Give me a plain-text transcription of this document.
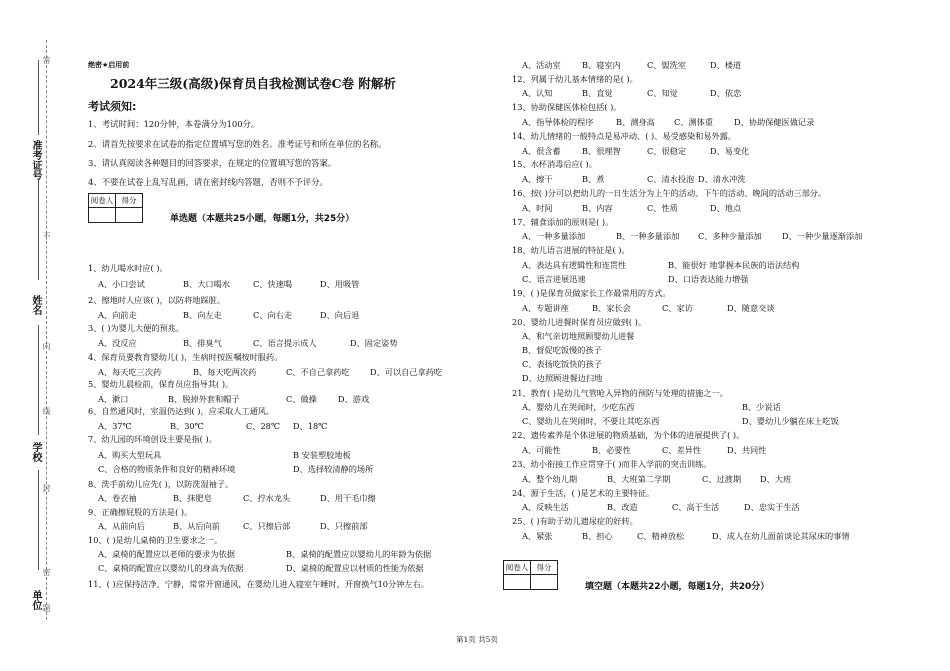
准考证号
姓名
学校
单位
答
不
内
线
封
密
题
绝密★启用前
2024年三级(高级)保育员自我检测试卷C卷 附解析
考试须知:
1、考试时间：120分钟，本卷满分为100分。
2、请首先按要求在试卷的指定位置填写您的姓名、准考证号和所在单位的名称。
3、请认真阅读各种题目的回答要求，在规定的位置填写您的答案。
4、不要在试卷上乱写乱画，请在密封线内答题，否则不予评分。
阅卷人	得分

单选题（本题共25小题，每题1分，共25分）
1、幼儿喝水时应( )。
A、小口尝试	B、大口喝水	C、快速喝	D、用吸管
2、擦地时人应该( )，以防将地踩脏。
A、向前走	B、向左走	C、向右走	D、向后退
3、( )为婴儿大便的预兆。
A、没反应	B、排臭气	C、语言提示成人	D、固定姿势
4、保育员要教育婴幼儿( )，生病时按医嘱按时服药。
A、每天吃三次药	B、每天吃两次药	C、不自己拿药吃 D、可以自己拿药吃
5、婴幼儿晨检前，保育员应指导其( )。
A、漱口	B、脱掉外套和帽子	C、做操	D、游戏
6、自然通风时，室温仍达到( )，应采取人工通风。
A、37℃	B、30℃	C、28℃ D、18℃
7、幼儿园的环境创设主要是指( )。
A、购买大型玩具	B 安装塑胶地板
C、合格的物质条件和良好的精神环境	D、选择较清静的场所
8、洗手前幼儿应先( )，以防洗湿袖子。
A、卷衣袖	B、抹肥皂	C、拧水龙头	D、用干毛巾擦
9、正确擦屁股的方法是( )。
A、从前向后	B、从后向前	C、只擦后部	D、只擦前部
10、( )是幼儿桌椅的卫生要求之一。
A、桌椅的配置应以老师的要求为依据	B、桌椅的配置应以婴幼儿的年龄为依据
C、桌椅的配置应以婴幼儿的身高为依据	D、桌椅的配置应以材质的性能为依据
11、( )应保持洁净、宁静，常常开窗通风，在婴幼儿进入寝室午睡时，开窗换气10分钟左右。
A、活动室	B、寝室内	C、盥洗室	D、楼道
12、列属于幼儿基本情绪的是( )。
A、认知	B、直觉	C、知觉	D、依恋
13、协助保健医体检包括( )。
A、指导体检的程序	B、测身高 C、测体重	D、协助保健医做记录
14、幼儿情绪的一般特点是易冲动、( )、易受感染和易外露。
A、很含蓄	B、很理智	C、很稳定	D、易变化
15、水杯消毒后应( )。
A、擦干	B、煮	C、清水投泡 D、清水冲洗
16、按( )分可以把幼儿的一日生活分为上午的活动、下午的活动、晚间的活动三部分。
A、时间	B、内容	C、性质	D、地点
17、辅食添加的原则是( )。
A、一种多量添加	B、一种多量添加 C、多种少量添加 D、一种少量逐渐添加
18、幼儿语言进展的特征是( )。
A、表达具有逻辑性和连贯性	B、能很好 地掌握本民族的语法结构
C、语言进展迅速	D、口语表达能力増强
19、( )是保育员做家长工作最常用的方式。
A、专题讲座	B、家长会	C、家访	D、随意交谈
20、婴幼儿进餐时保育员应做到( )。
A、和气亲切地照顾婴幼儿进餐
B、督促吃饭慢的孩子
C、表扬吃饭快的孩子
D、边照顾进餐边扫地
21、教育( )是幼儿气管呛入异物的预防与处理的措施之一。
A、婴幼儿在哭闹时，少吃东西	B、少说话
C、婴幼儿在哭闹时，不要让其吃东西	D、婴幼儿少躺在床上吃饭
22、遗传素养是个体进展的物质基础，为个体的进展提供了( )。
A、可能性	B、必要性	C、差异性	D、共同性
23、幼小衔接工作应贯穿于( )而非入学前的突击训练。
A、整个幼儿期	B、大班第二学期	C、过渡期 D、大班
24、源于生活，( )是艺术的主要特征。
A、反映生活	B、改造	C、高于生活	D、忠实于生活
25、( )有助于幼儿遗尿症的好转。
A、紧张	B、担心	C、精神放松	D、成人在幼儿面前谈论其尿床的事情
阅卷人	得分

填空题（本题共22小题，每题1分，共20分）
第1页 共5页
